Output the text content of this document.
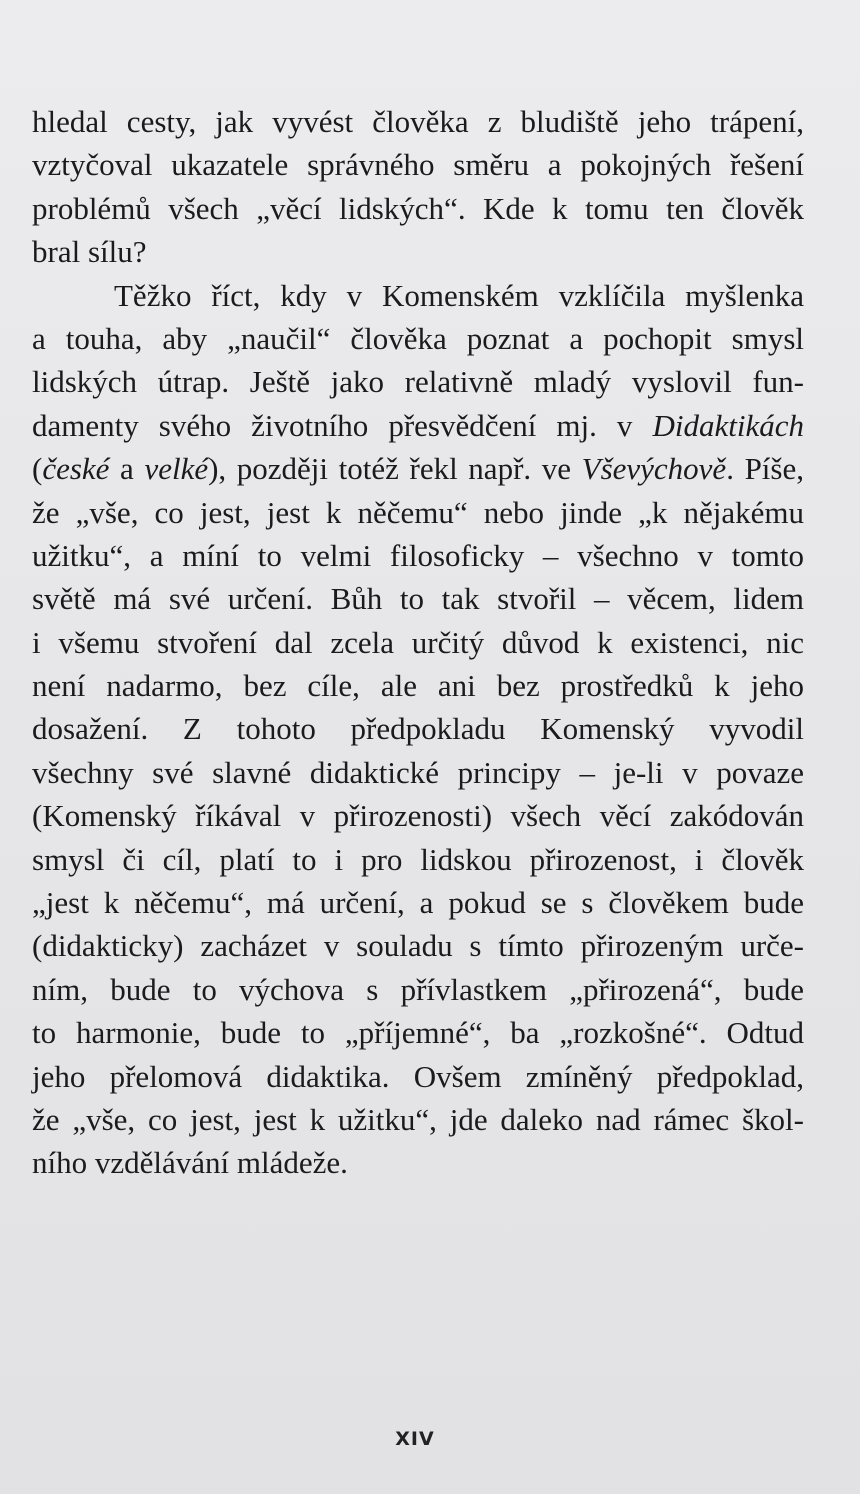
hledal cesty, jak vyvést člověka z bludiště jeho trápení,
vztyčoval ukazatele správného směru a pokojných řešení
problémů všech „věcí lidských“. Kde k tomu ten člověk
bral sílu?
Těžko říct, kdy v Komenském vzklíčila myšlenka
a touha, aby „naučil“ člověka poznat a pochopit smysl
lidských útrap. Ještě jako relativně mladý vyslovil fun-
damenty svého životního přesvědčení mj. v Didaktikách
(české a velké), později totéž řekl např. ve Vševýchově. Píše,
že „vše, co jest, jest k něčemu“ nebo jinde „k nějakému
užitku“, a míní to velmi filosoficky – všechno v tomto
světě má své určení. Bůh to tak stvořil – věcem, lidem
i všemu stvoření dal zcela určitý důvod k existenci, nic
není nadarmo, bez cíle, ale ani bez prostředků k jeho
dosažení. Z tohoto předpokladu Komenský vyvodil
všechny své slavné didaktické principy – je-li v povaze
(Komenský říkával v přirozenosti) všech věcí zakódován
smysl či cíl, platí to i pro lidskou přirozenost, i člověk
„jest k něčemu“, má určení, a pokud se s člověkem bude
(didakticky) zacházet v souladu s tímto přirozeným urče-
ním, bude to výchova s přívlastkem „přirozená“, bude
to harmonie, bude to „příjemné“, ba „rozkošné“. Odtud
jeho přelomová didaktika. Ovšem zmíněný předpoklad,
že „vše, co jest, jest k užitku“, jde daleko nad rámec škol-
ního vzdělávání mládeže.
XIV
